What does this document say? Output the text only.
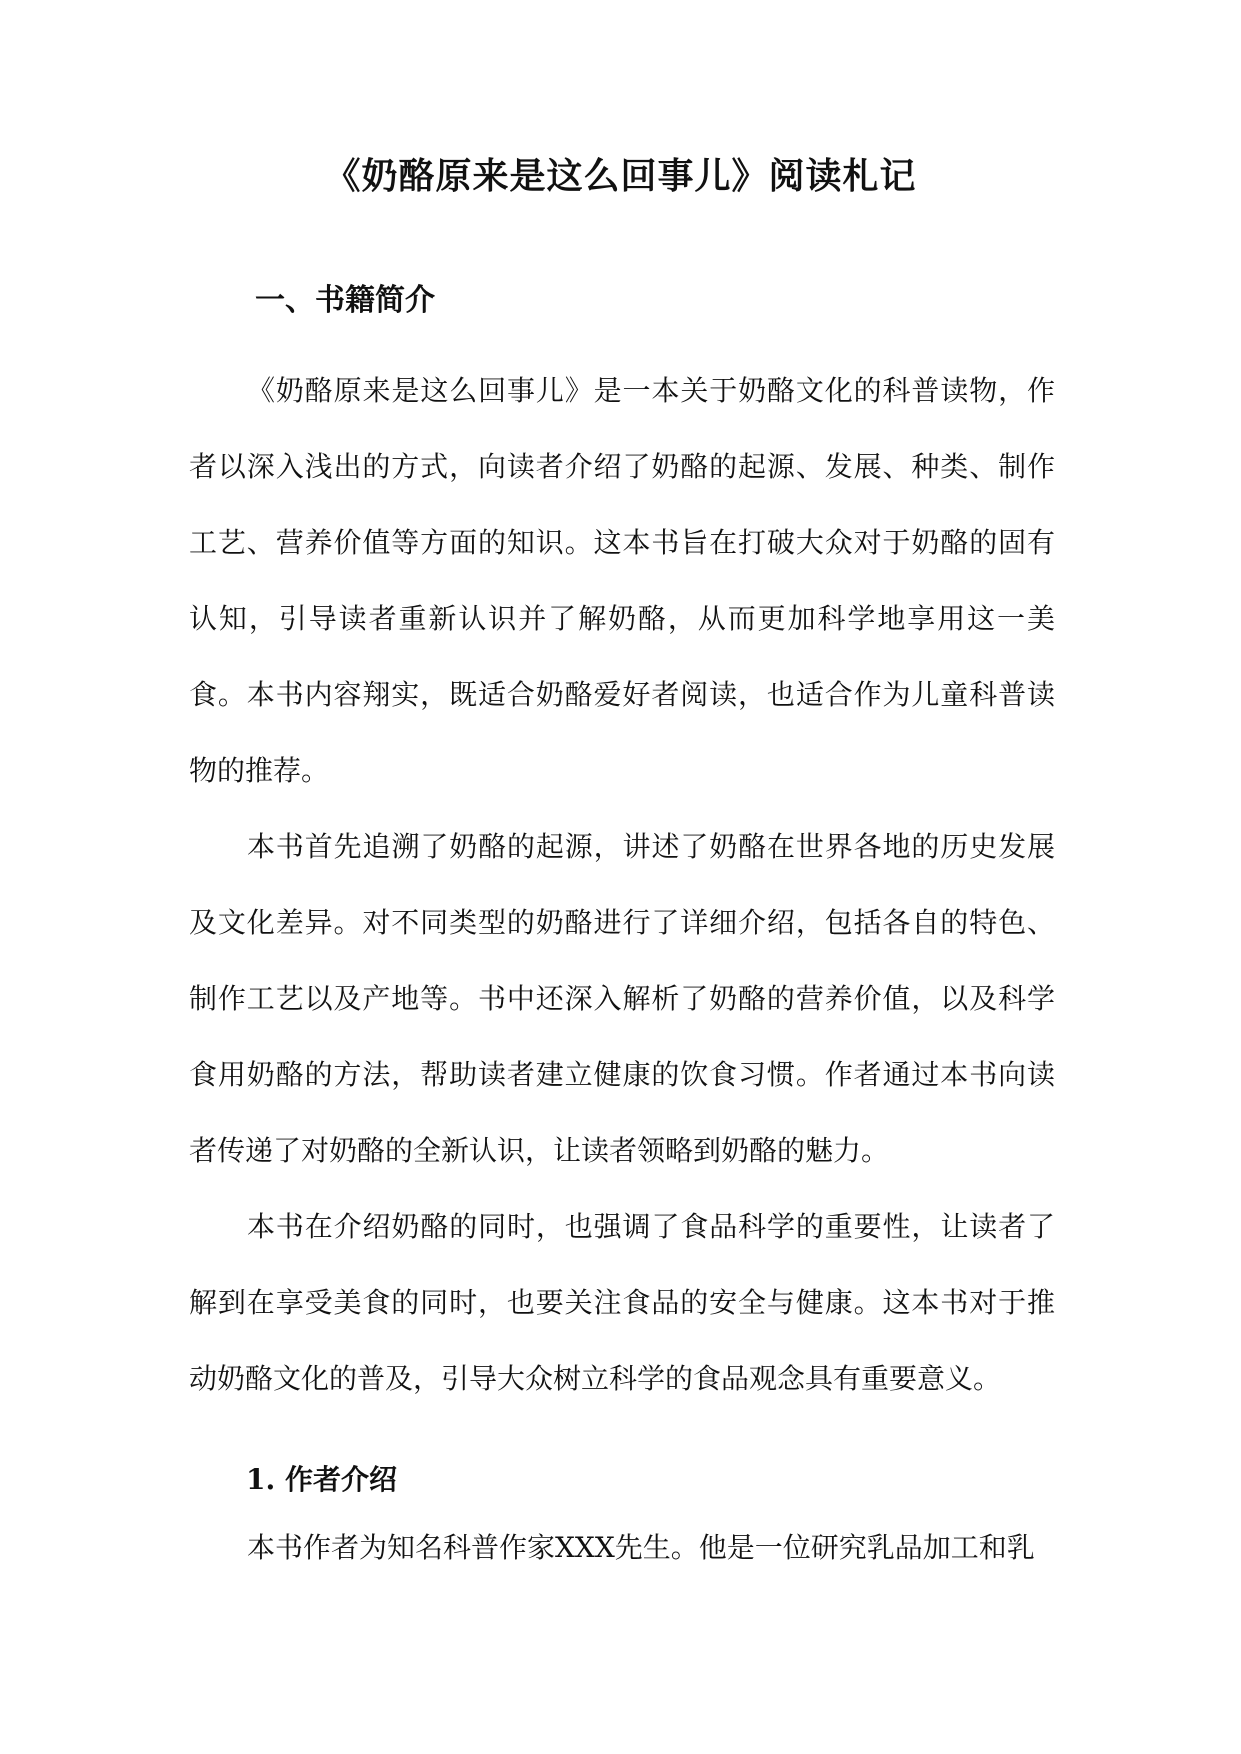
《奶酪原来是这么回事儿》阅读札记
一、书籍简介

《奶酪原来是这么回事儿》是一本关于奶酪文化的科普读物，作者以深入浅出的方式，向读者介绍了奶酪的起源、发展、种类、制作工艺、营养价值等方面的知识。这本书旨在打破大众对于奶酪的固有认知，引导读者重新认识并了解奶酪，从而更加科学地享用这一美食。本书内容翔实，既适合奶酪爱好者阅读，也适合作为儿童科普读物的推荐。

本书首先追溯了奶酪的起源，讲述了奶酪在世界各地的历史发展及文化差异。对不同类型的奶酪进行了详细介绍，包括各自的特色、制作工艺以及产地等。书中还深入解析了奶酪的营养价值，以及科学食用奶酪的方法，帮助读者建立健康的饮食习惯。作者通过本书向读者传递了对奶酪的全新认识，让读者领略到奶酪的魅力。

本书在介绍奶酪的同时，也强调了食品科学的重要性，让读者了解到在享受美食的同时，也要关注食品的安全与健康。这本书对于推动奶酪文化的普及，引导大众树立科学的食品观念具有重要意义。

1. 作者介绍

本书作者为知名科普作家XXX先生。他是一位研究乳品加工和乳
